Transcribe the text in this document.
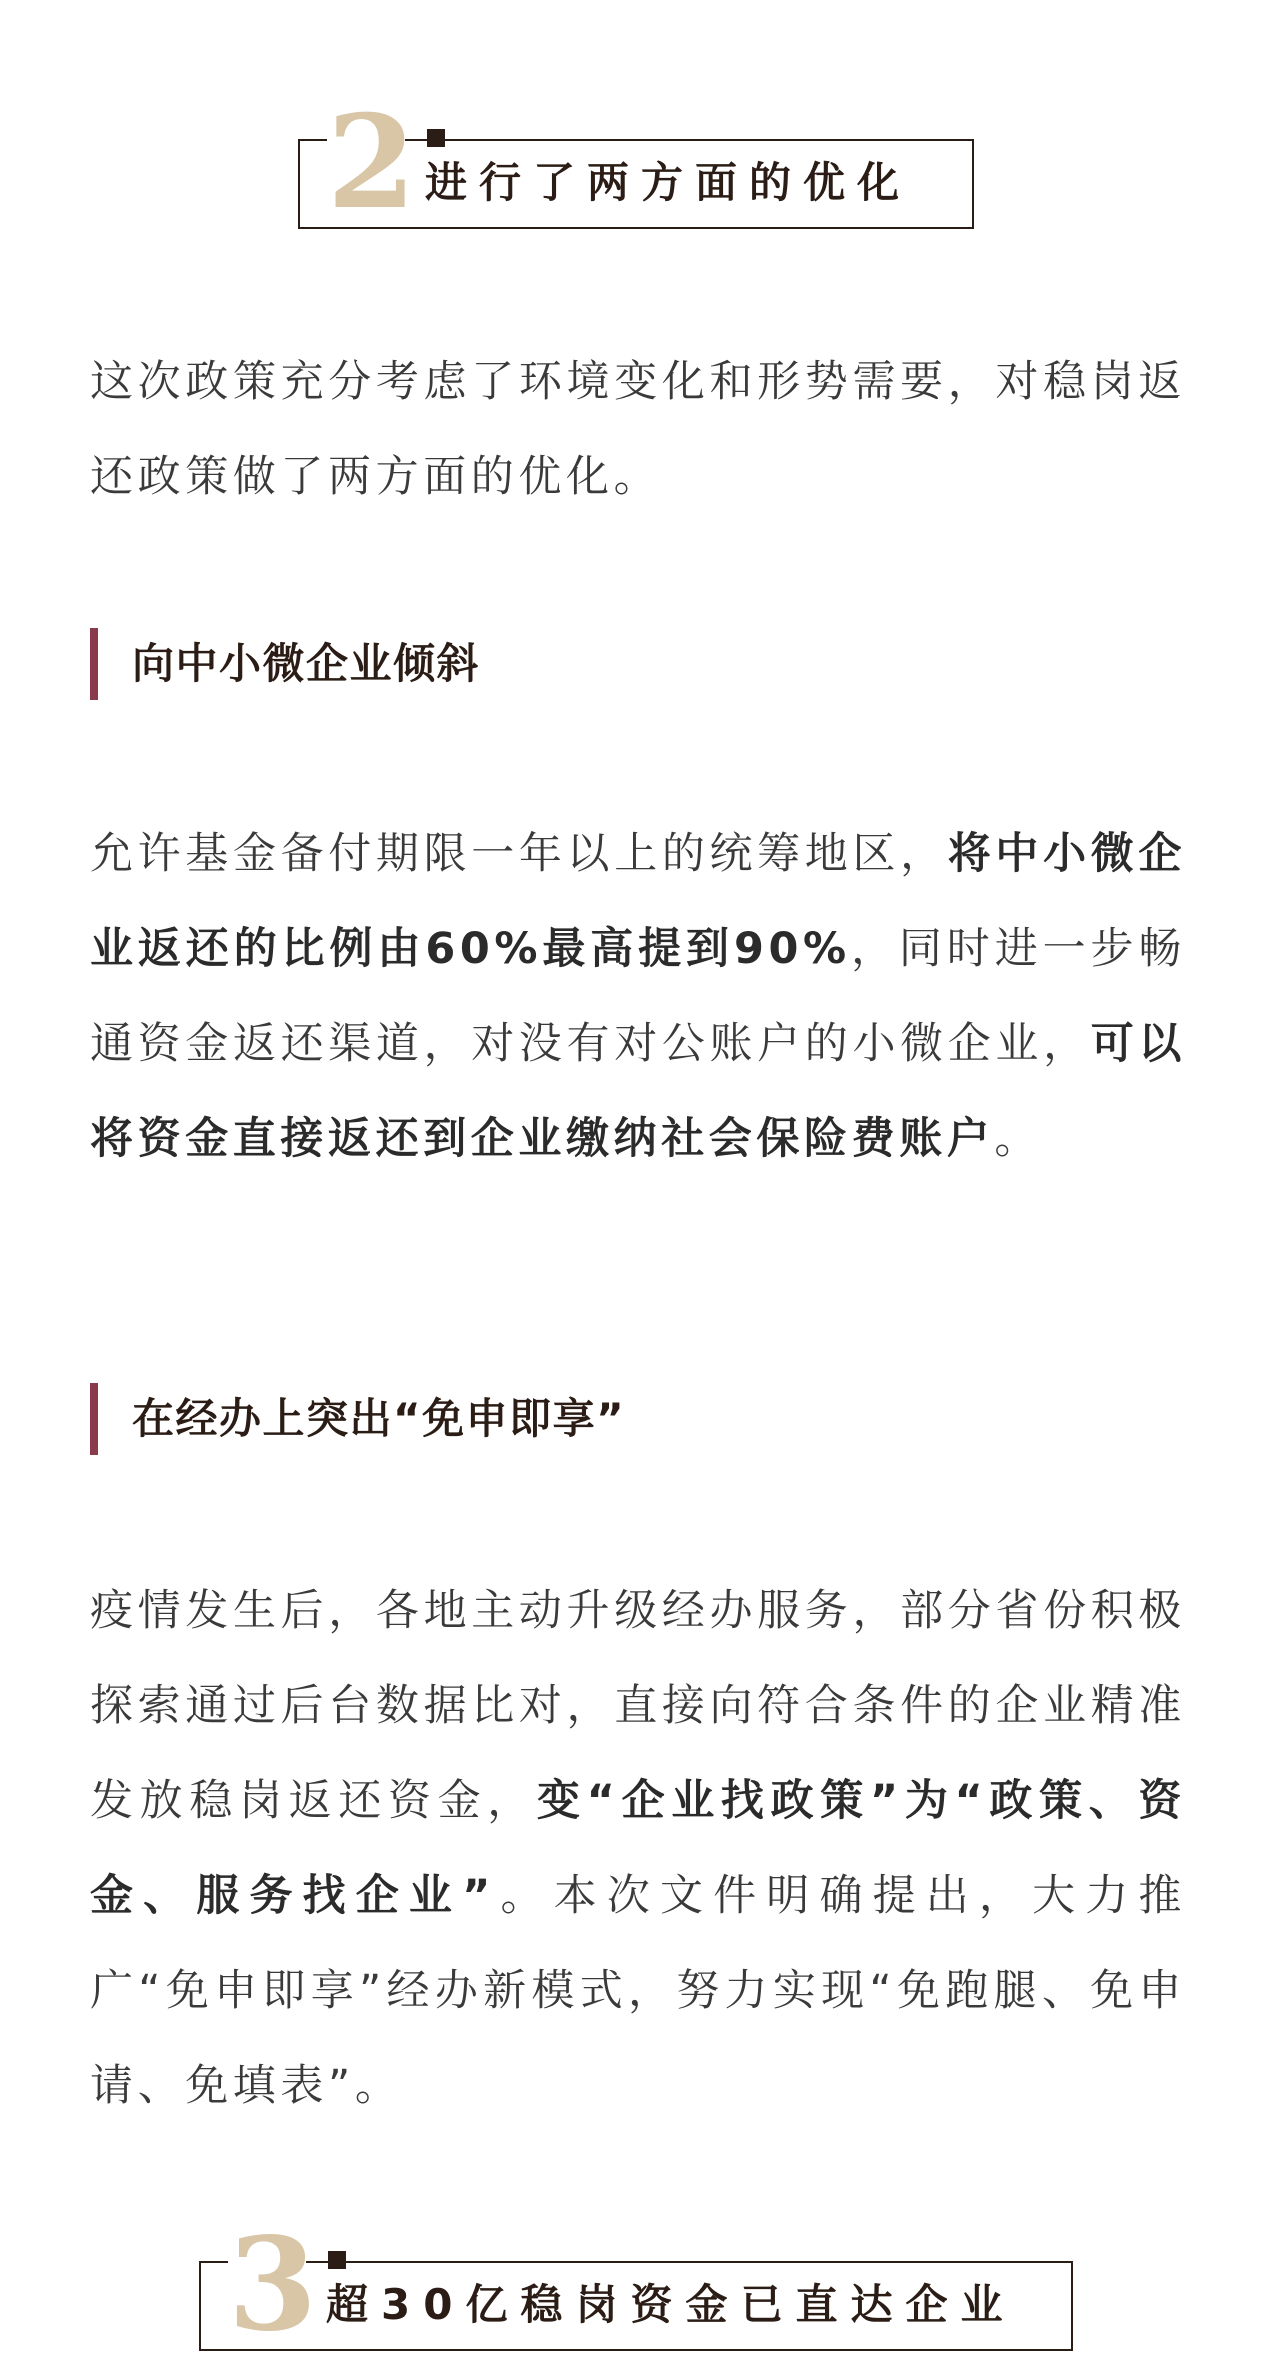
2 进行了两方面的优化

这次政策充分考虑了环境变化和形势需要，对稳岗返还政策做了两方面的优化。

向中小微企业倾斜

允许基金备付期限一年以上的统筹地区，将中小微企业返还的比例由60%最高提到90%，同时进一步畅通资金返还渠道，对没有对公账户的小微企业，可以将资金直接返还到企业缴纳社会保险费账户。

在经办上突出“免申即享”

疫情发生后，各地主动升级经办服务，部分省份积极探索通过后台数据比对，直接向符合条件的企业精准发放稳岗返还资金，变“企业找政策”为“政策、资金、服务找企业”。本次文件明确提出，大力推广“免申即享”经办新模式，努力实现“免跑腿、免申请、免填表”。

3 超30亿稳岗资金已直达企业
